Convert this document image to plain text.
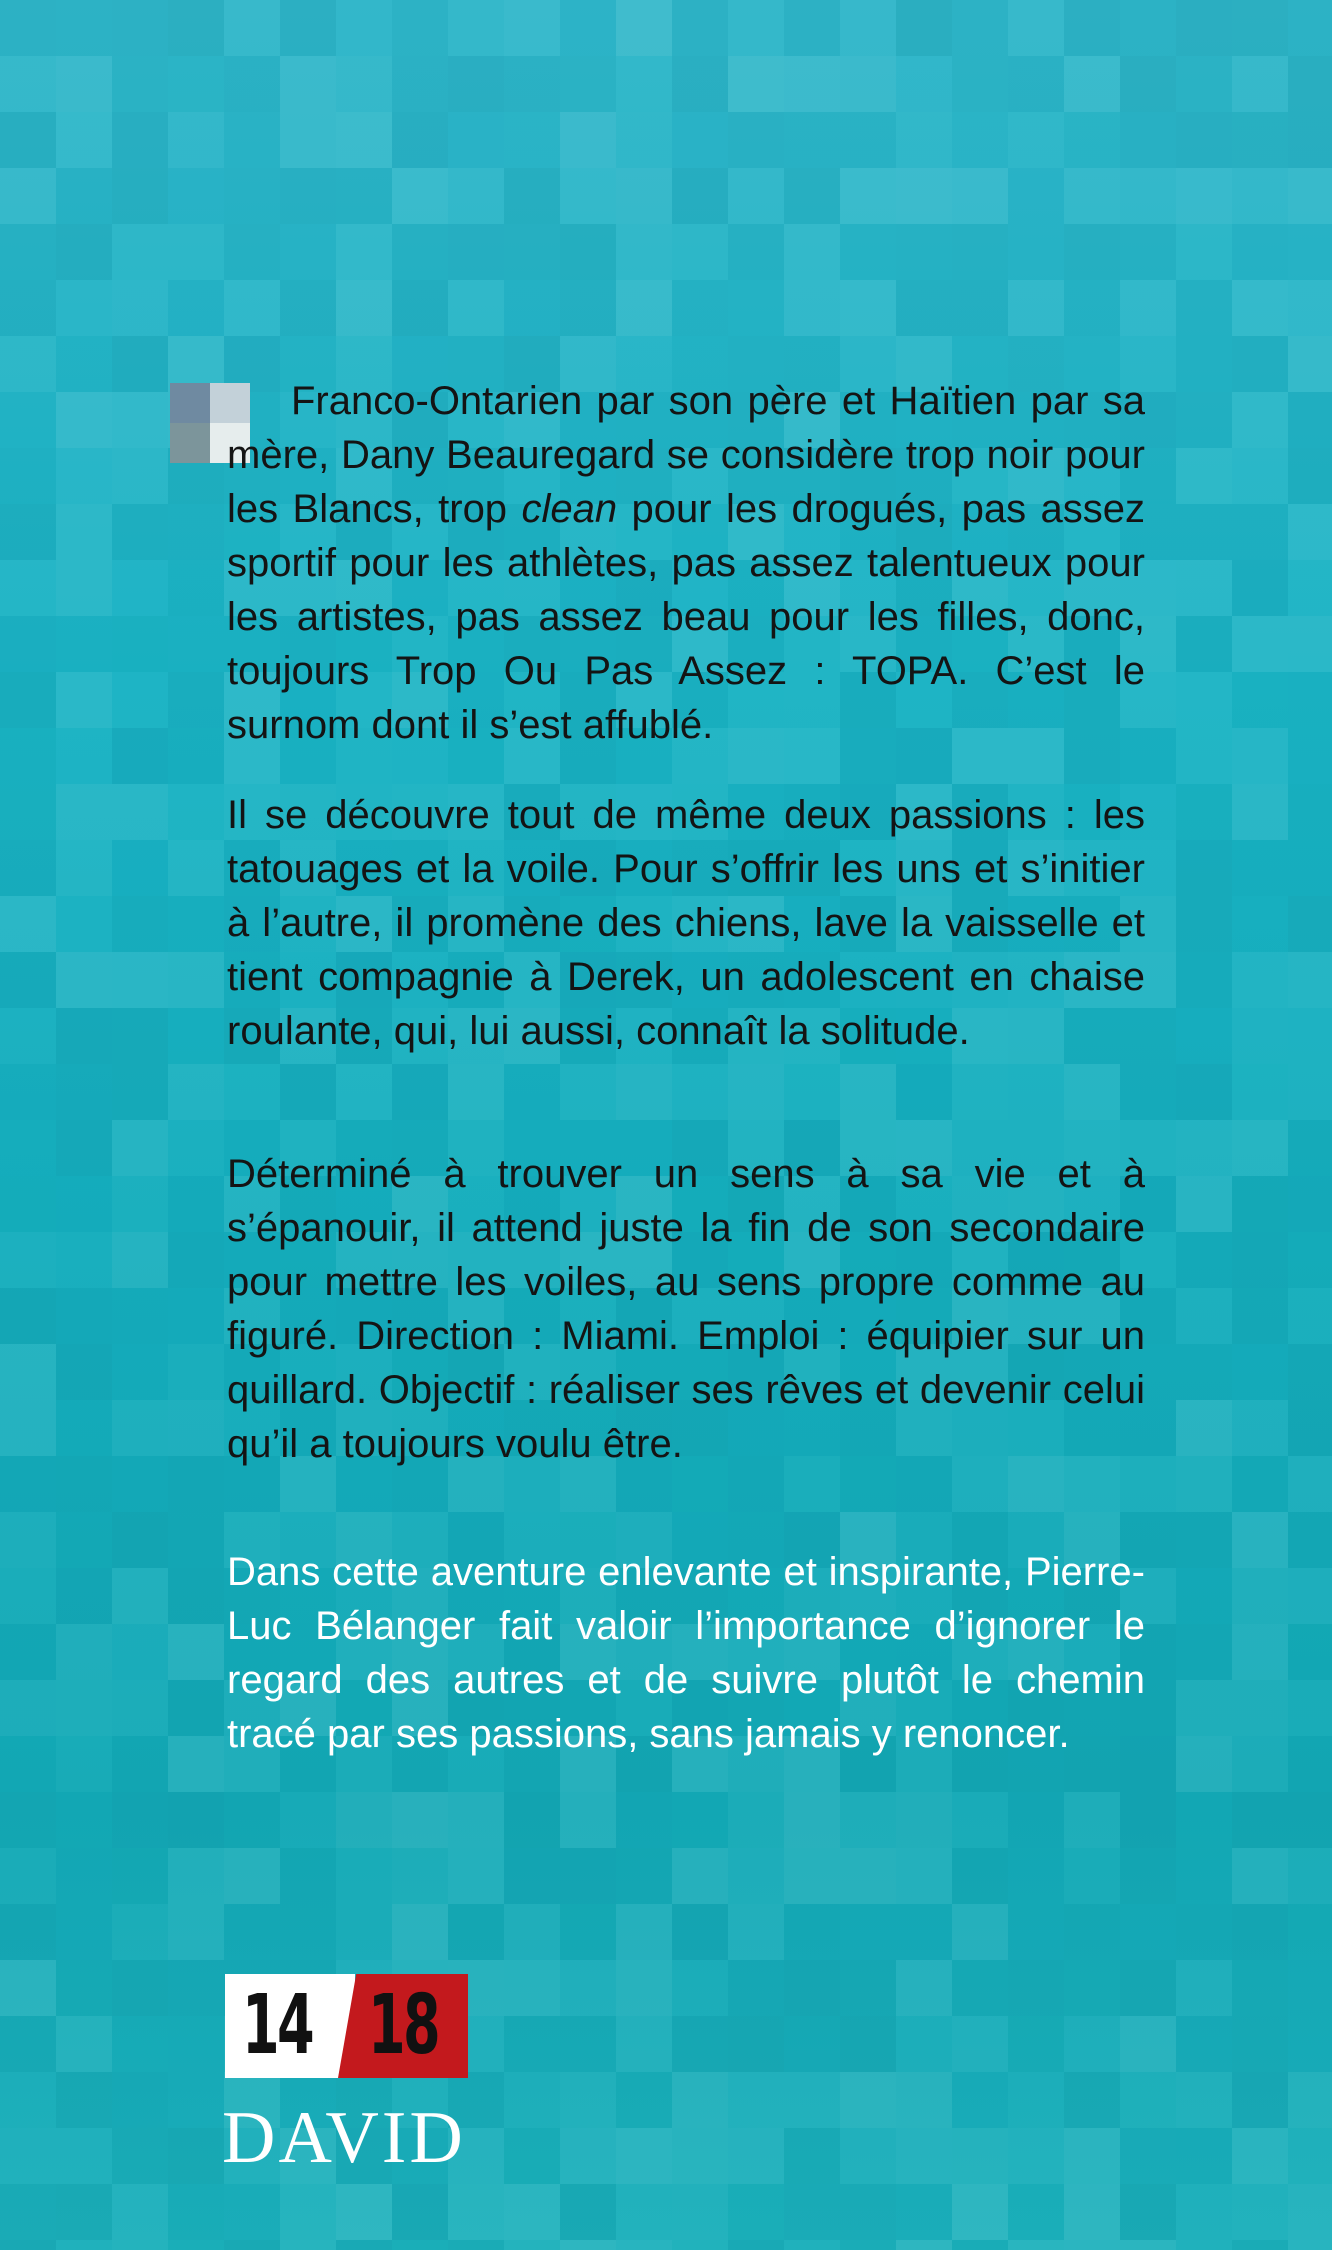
Franco-Ontarien par son père et Haïtien par sa mère, Dany Beauregard se considère trop noir pour les Blancs, trop clean pour les drogués, pas assez sportif pour les athlètes, pas assez talentueux pour les artistes, pas assez beau pour les filles, donc, toujours Trop Ou Pas Assez : TOPA. C’est le surnom dont il s’est affublé.

Il se découvre tout de même deux passions : les tatouages et la voile. Pour s’offrir les uns et s’initier à l’autre, il promène des chiens, lave la vaisselle et tient compagnie à Derek, un adolescent en chaise roulante, qui, lui aussi, connaît la solitude.

Déterminé à trouver un sens à sa vie et à s’épanouir, il attend juste la fin de son secondaire pour mettre les voiles, au sens propre comme au figuré. Direction : Miami. Emploi : équipier sur un quillard. Objectif : réaliser ses rêves et devenir celui qu’il a toujours voulu être.

Dans cette aventure enlevante et inspirante, Pierre-Luc Bélanger fait valoir l’importance d’ignorer le regard des autres et de suivre plutôt le chemin tracé par ses passions, sans jamais y renoncer.

14 18
DAVID
